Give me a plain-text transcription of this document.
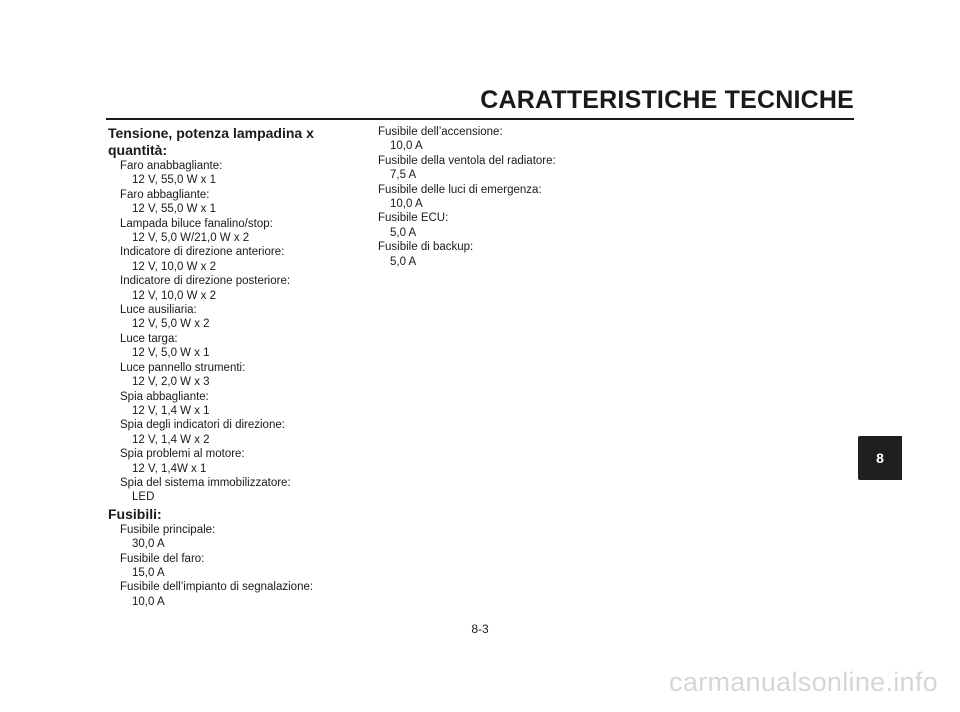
CARATTERISTICHE TECNICHE
Tensione, potenza lampadina x
quantità:
Faro anabbagliante:
12 V, 55,0 W x 1
Faro abbagliante:
12 V, 55,0 W x 1
Lampada biluce fanalino/stop:
12 V, 5,0 W/21,0 W x 2
Indicatore di direzione anteriore:
12 V, 10,0 W x 2
Indicatore di direzione posteriore:
12 V, 10,0 W x 2
Luce ausiliaria:
12 V, 5,0 W x 2
Luce targa:
12 V, 5,0 W x 1
Luce pannello strumenti:
12 V, 2,0 W x 3
Spia abbagliante:
12 V, 1,4 W x 1
Spia degli indicatori di direzione:
12 V, 1,4 W x 2
Spia problemi al motore:
12 V, 1,4W x 1
Spia del sistema immobilizzatore:
LED
Fusibili:
Fusibile principale:
30,0 A
Fusibile del faro:
15,0 A
Fusibile dell’impianto di segnalazione:
10,0 A
Fusibile dell’accensione:
10,0 A
Fusibile della ventola del radiatore:
7,5 A
Fusibile delle luci di emergenza:
10,0 A
Fusibile ECU:
5,0 A
Fusibile di backup:
5,0 A
8
8-3
carmanualsonline.info
